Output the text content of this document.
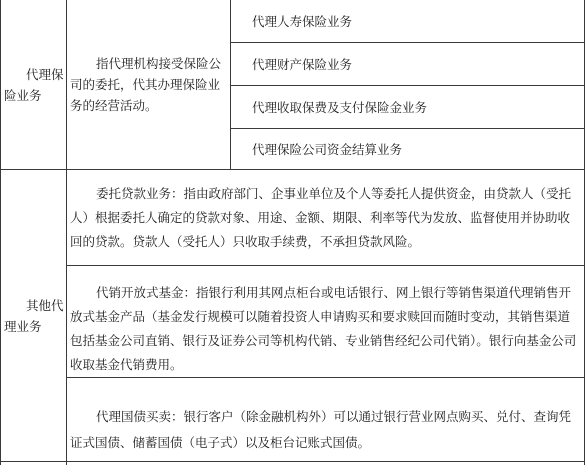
代理保险业务
指代理机构接受保险公司的委托，代其办理保险业务的经营活动。
代理人寿保险业务
代理财产保险业务
代理收取保费及支付保险金业务
代理保险公司资金结算业务
其他代理业务
委托贷款业务：指由政府部门、企事业单位及个人等委托人提供资金，由贷款人（受托人）根据委托人确定的贷款对象、用途、金额、期限、利率等代为发放、监督使用并协助收回的贷款。贷款人（受托人）只收取手续费，不承担贷款风险。
代销开放式基金：指银行利用其网点柜台或电话银行、网上银行等销售渠道代理销售开放式基金产品（基金发行规模可以随着投资人申请购买和要求赎回而随时变动，其销售渠道包括基金公司直销、银行及证券公司等机构代销、专业销售经纪公司代销）。银行向基金公司收取基金代销费用。
代理国债买卖：银行客户（除金融机构外）可以通过银行营业网点购买、兑付、查询凭证式国债、储蓄国债（电子式）以及柜台记账式国债。
